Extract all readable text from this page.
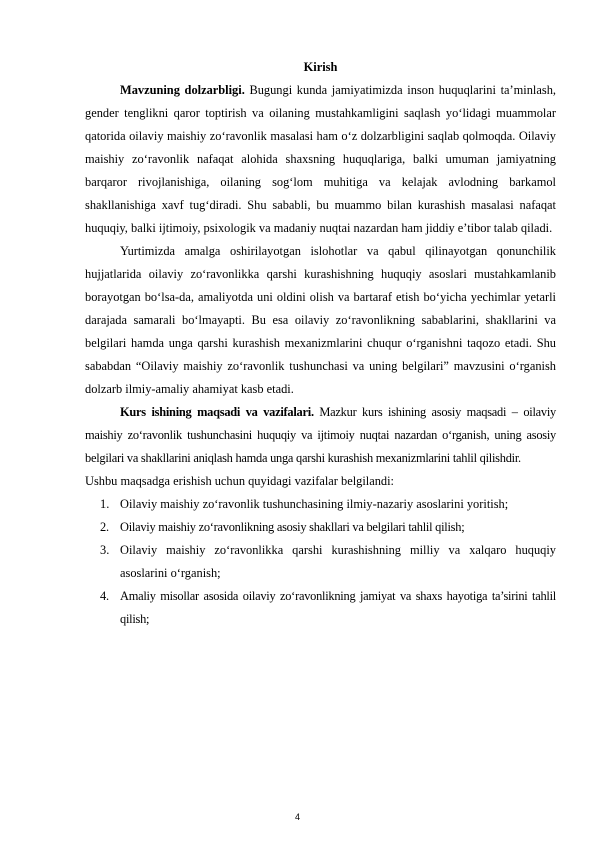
Kirish

Mavzuning dolzarbligi. Bugungi kunda jamiyatimizda inson huquqlarini ta’minlash, gender tenglikni qaror toptirish va oilaning mustahkamligini saqlash yo‘lidagi muammolar qatorida oilaviy maishiy zo‘ravonlik masalasi ham o‘z dolzarbligini saqlab qolmoqda. Oilaviy maishiy zo‘ravonlik nafaqat alohida shaxsning huquqlariga, balki umuman jamiyatning barqaror rivojlanishiga, oilaning sog‘lom muhitiga va kelajak avlodning barkamol shakllanishiga xavf tug‘diradi. Shu sababli, bu muammo bilan kurashish masalasi nafaqat huquqiy, balki ijtimoiy, psixologik va madaniy nuqtai nazardan ham jiddiy e’tibor talab qiladi.

Yurtimizda amalga oshirilayotgan islohotlar va qabul qilinayotgan qonunchilik hujjatlarida oilaviy zo‘ravonlikka qarshi kurashishning huquqiy asoslari mustahkamlanib borayotgan bo‘lsa-da, amaliyotda uni oldini olish va bartaraf etish bo‘yicha yechimlar yetarli darajada samarali bo‘lmayapti. Bu esa oilaviy zo‘ravonlikning sabablarini, shakllarini va belgilari hamda unga qarshi kurashish mexanizmlarini chuqur o‘rganishni taqozo etadi. Shu sababdan “Oilaviy maishiy zo‘ravonlik tushunchasi va uning belgilari” mavzusini o‘rganish dolzarb ilmiy-amaliy ahamiyat kasb etadi.

Kurs ishining maqsadi va vazifalari. Mazkur kurs ishining asosiy maqsadi – oilaviy maishiy zo‘ravonlik tushunchasini huquqiy va ijtimoiy nuqtai nazardan o‘rganish, uning asosiy belgilari va shakllarini aniqlash hamda unga qarshi kurashish mexanizmlarini tahlil qilishdir.

Ushbu maqsadga erishish uchun quyidagi vazifalar belgilandi:

1. Oilaviy maishiy zo‘ravonlik tushunchasining ilmiy-nazariy asoslarini yoritish;
2. Oilaviy maishiy zo‘ravonlikning asosiy shakllari va belgilari tahlil qilish;
3. Oilaviy maishiy zo‘ravonlikka qarshi kurashishning milliy va xalqaro huquqiy asoslarini o‘rganish;
4. Amaliy misollar asosida oilaviy zo‘ravonlikning jamiyat va shaxs hayotiga ta’sirini tahlil qilish;
4
